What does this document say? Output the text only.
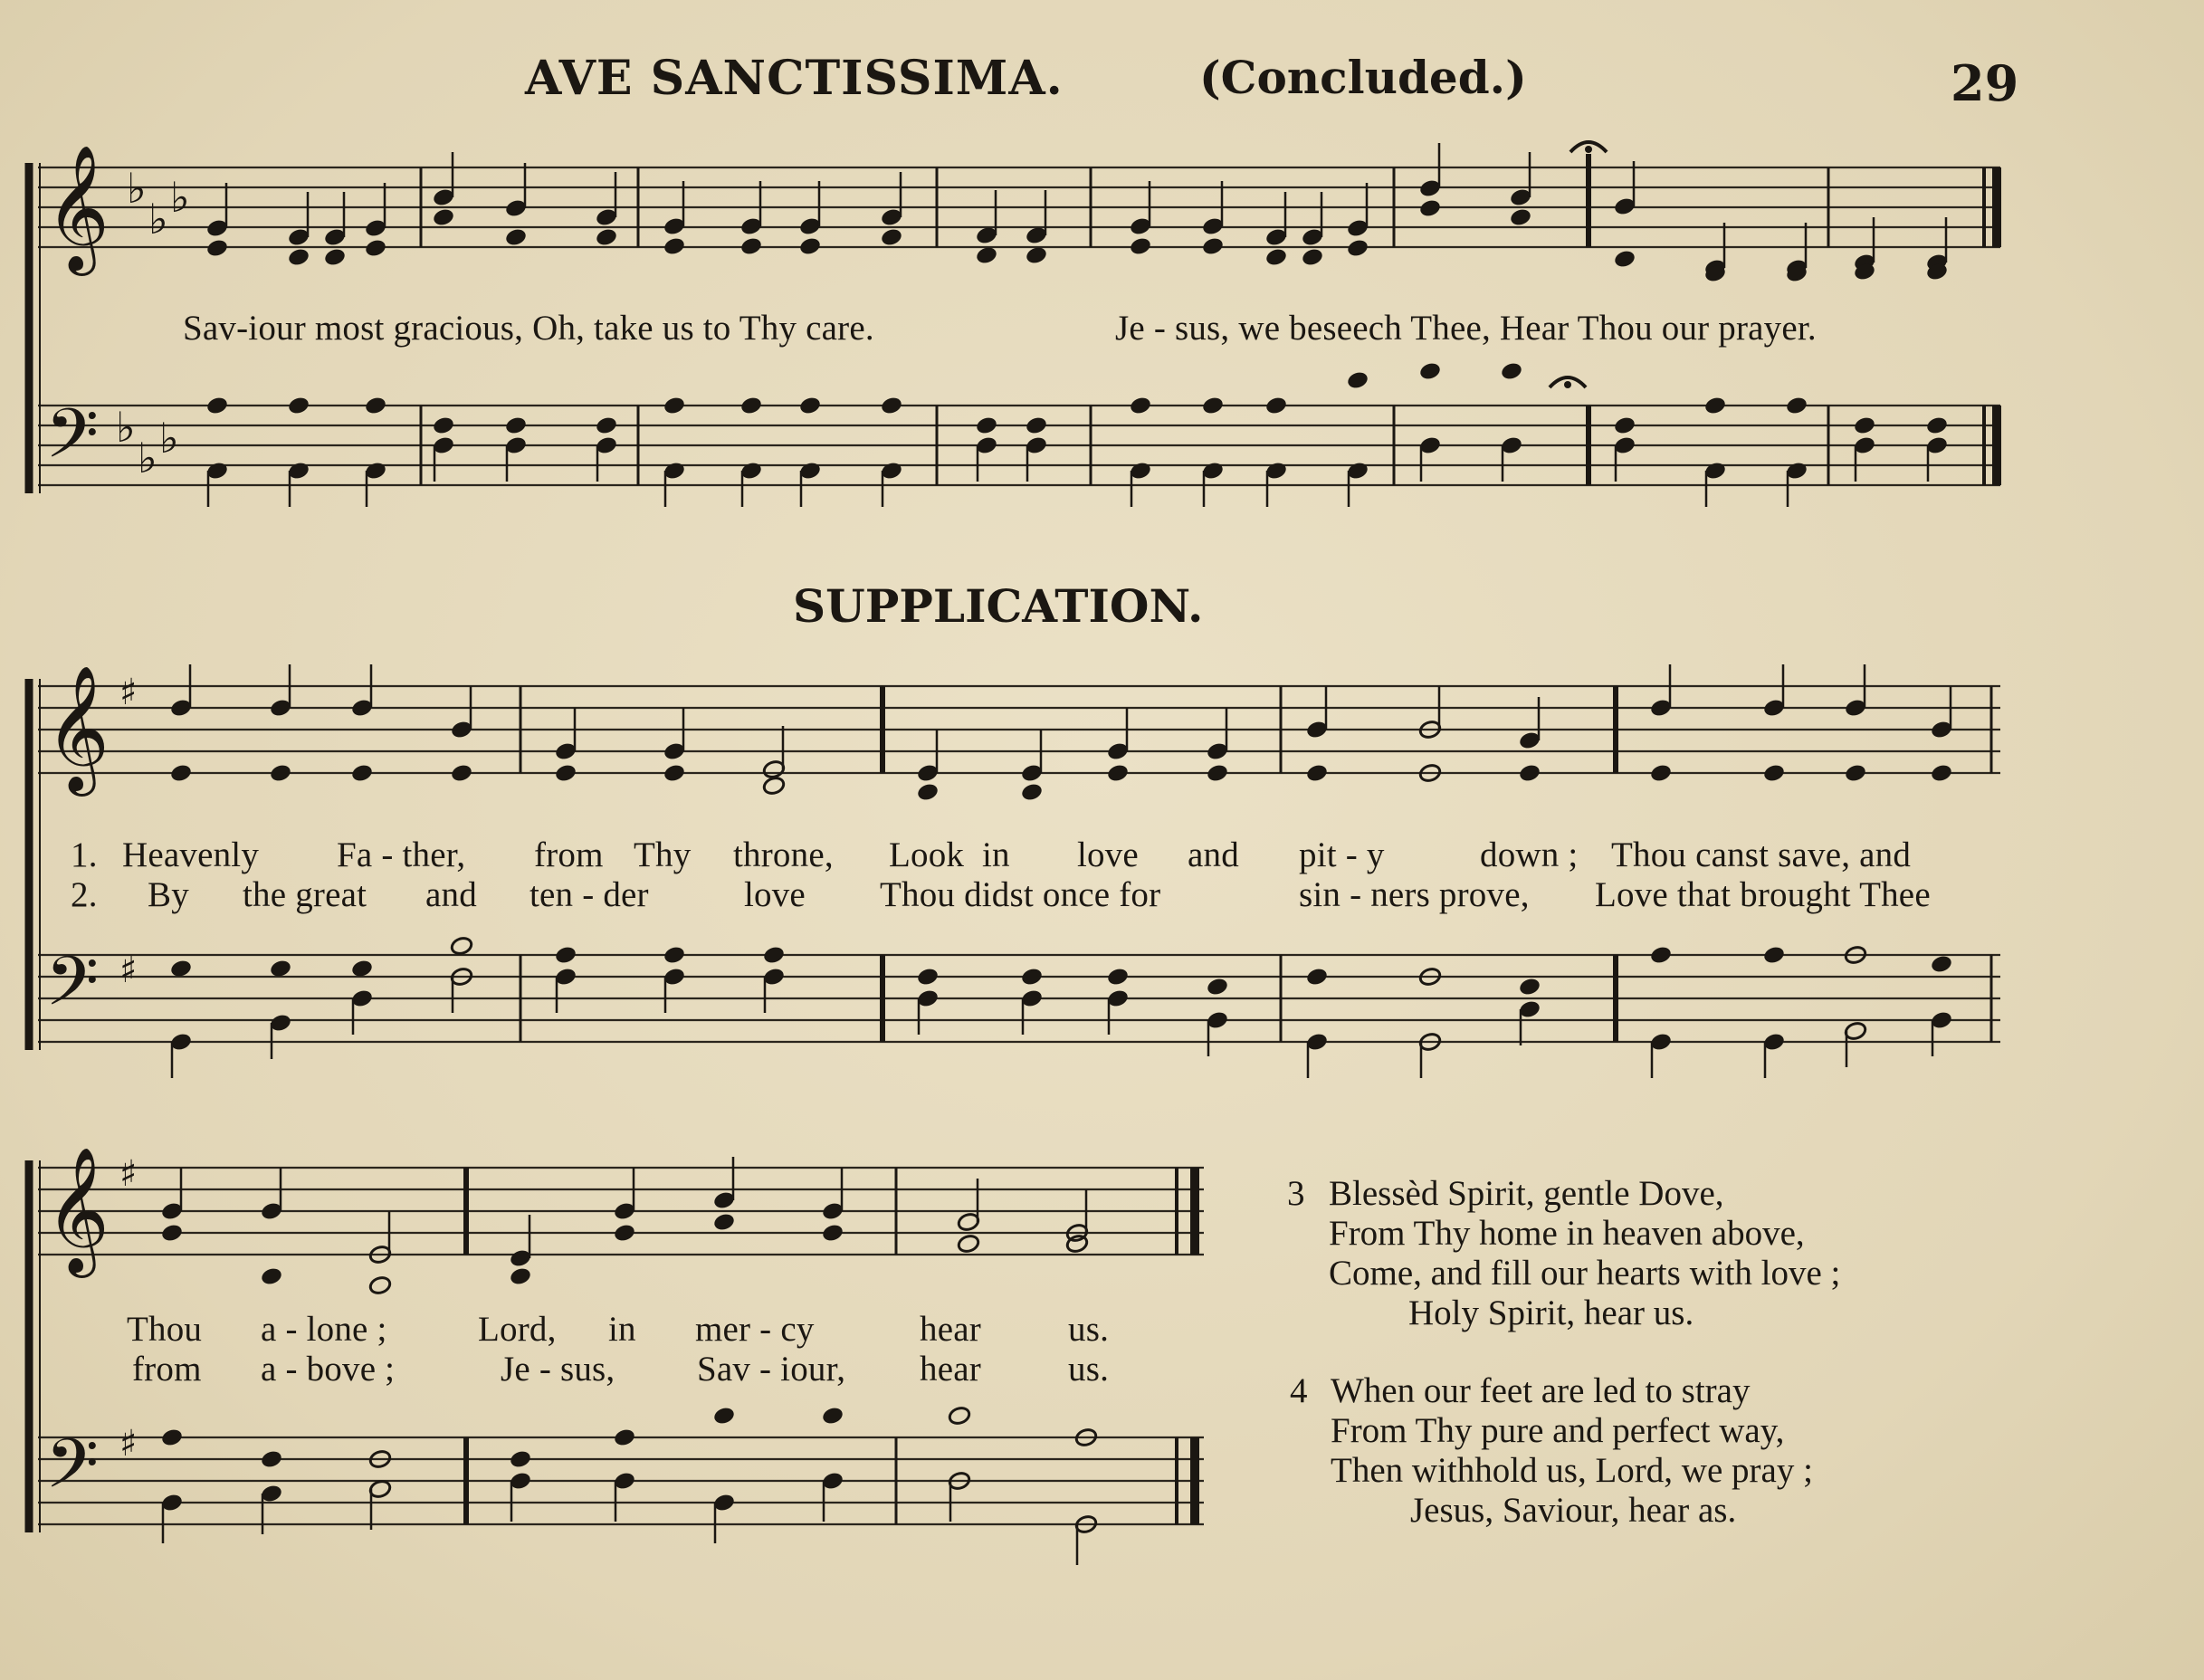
AVE SANCTISSIMA.	(Concluded.)	29
𝄞
𝄞
𝄞
𝄢
𝄢
𝄢
♭
♭ ♭
♭
♭ ♭
♯
♯
♯
♯
Sav-iour most gracious, Oh, take us to Thy care.	Je - sus, we beseech Thee, Hear Thou our prayer.
SUPPLICATION.
1. Heavenly Fa - ther, from Thy throne, Look in love and pit - y	down ; Thou canst save, and
2. By the great and ten - der	love Thou didst once for	sin - ners prove, Love that brought Thee
Thou a - lone ;	Lord, in mer - cy	hear us.
from a - bove ;	Je - sus, Sav - iour, hear us.
3 Blessèd Spirit, gentle Dove,
From Thy home in heaven above,
Come, and fill our hearts with love ;
Holy Spirit, hear us.
4 When our feet are led to stray
From Thy pure and perfect way,
Then withhold us, Lord, we pray ;
Jesus, Saviour, hear as.
